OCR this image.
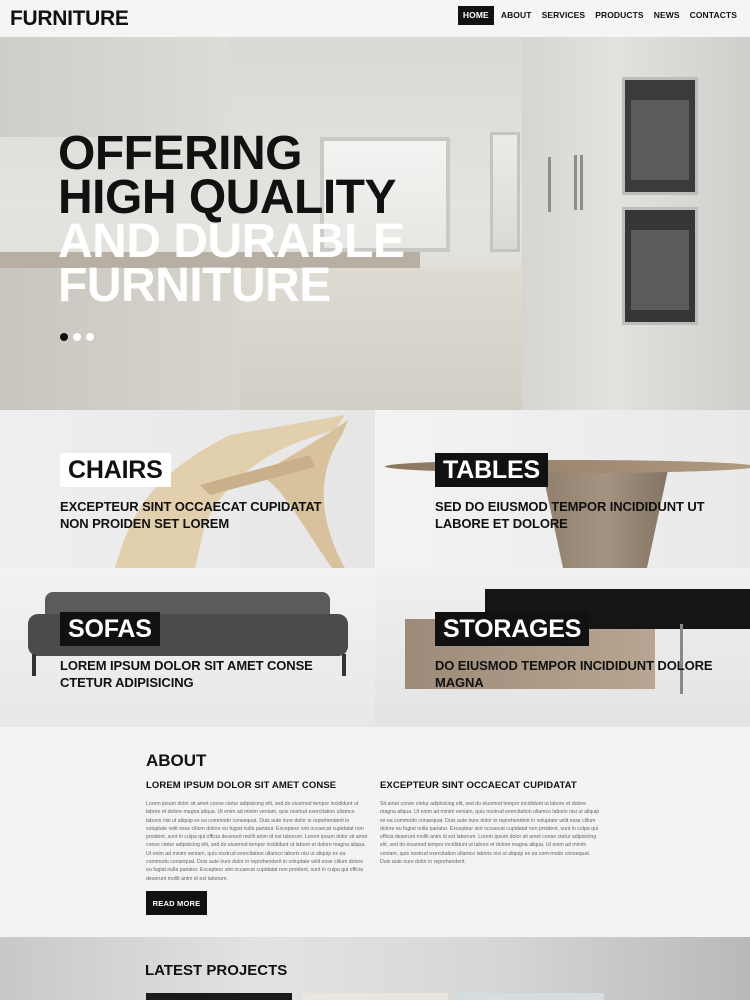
FURNITURE	HOME	ABOUT	SERVICES	PRODUCTS	NEWS	CONTACTS
OFFERING
HIGH QUALITY
AND DURABLE
FURNITURE
CHAIRS
EXCEPTEUR SINT OCCAECAT CUPIDATAT NON PROIDEN SET LOREM
TABLES
SED DO EIUSMOD TEMPOR INCIDIDUNT UT LABORE ET DOLORE
SOFAS
LOREM IPSUM DOLOR SIT AMET CONSE CTETUR ADIPISICING
STORAGES
DO EIUSMOD TEMPOR INCIDIDUNT DOLORE MAGNA
ABOUT
LOREM IPSUM DOLOR SIT AMET CONSE

Lorem ipsum dolor sit amet conse ctetur adipisicing elit, sed do eiusmod tempor incididunt ut labore et dolore magna aliqua. Ut enim ad minim veniam, quis nostrud exercitation ullamco laboris nisi ut aliquip ex ea commodo consequat. Duis aute irure dolor in reprehenderit in voluptate velit esse cillum dolore eu fugiat nulla pariatur. Excepteur sint occaecat cupidatat non proident, sunt in culpa qui officia deserunt mollit anim id est laborum. Lorem ipsum dolor sit amet conse ctetur adipisicing elit, sed do eiusmod tempor incididunt ut labore et dolore magna aliqua. Ut enim ad minim veniam, quis nostrud exercitation ullamco laboris nisi ut aliquip ex ea commodo consequat. Duis aute irure dolor in reprehenderit in voluptate velit esse cillum dolore eu fugiat nulla pariatur. Excepteur sint occaecat cupidatat non proident, sunt in culpa qui officia deserunt mollit anim id est laborum.

EXCEPTEUR SINT OCCAECAT CUPIDATAT

Sit amet conse ctetur adipisicing elit, sed do eiusmod tempor incididunt ut labore et dolore magna aliqua. Ut enim ad minim veniam, quis nostrud exercitation ullamco laboris nisi ut aliquip ex ea commodo consequat. Duis aute irure dolor in reprehenderit in voluptate velit esse cillum dolore eu fugiat nulla pariatur. Excepteur sint occaecat cupidatat non proident, sunt in culpa qui officia deserunt mollit anim id est laborum. Lorem ipsum dolor sit amet conse ctetur adipisicing elit, sed do eiusmod tempor incididunt ut labore et dolore magna aliqua. Ut enim ad minim veniam, quis nostrud exercitation ullamco laboris nisi ut aliquip ex ea com-modo consequat. Duis aute irure dolor in reprehenderit.

READ MORE
LATEST PROJECTS
